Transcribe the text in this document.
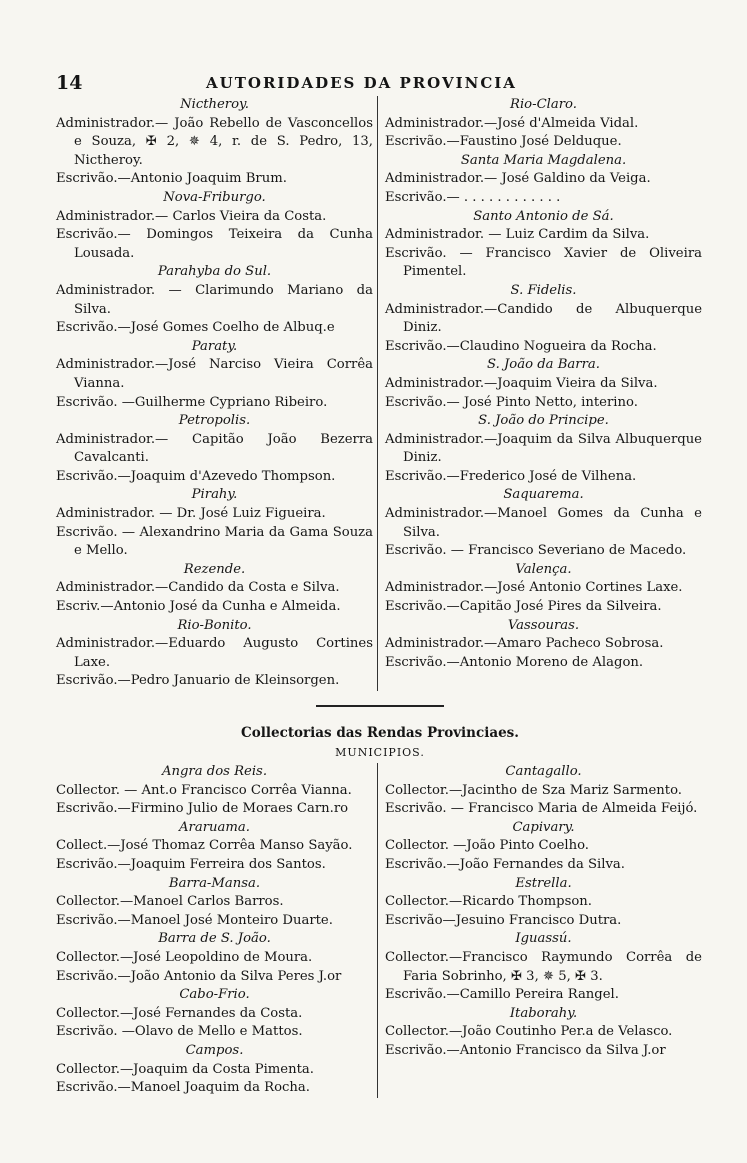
14	AUTORIDADES DA PROVINCIA
Nictheroy.
Administrador.— João Rebello de Vasconcellos e Souza, ✠ 2, ✵ 4, r. de S. Pedro, 13, Nictheroy.
Escrivão.—Antonio Joaquim Brum.
Nova-Friburgo.
Administrador.— Carlos Vieira da Costa.
Escrivão.— Domingos Teixeira da Cunha Lousada.
Parahyba do Sul.
Administrador. — Clarimundo Mariano da Silva.
Escrivão.—José Gomes Coelho de Albuq.e
Paraty.
Administrador.—José Narciso Vieira Corrêa Vianna.
Escrivão. —Guilherme Cypriano Ribeiro.
Petropolis.
Administrador.— Capitão João Bezerra Cavalcanti.
Escrivão.—Joaquim d'Azevedo Thompson.
Pirahy.
Administrador. — Dr. José Luiz Figueira.
Escrivão. — Alexandrino Maria da Gama Souza e Mello.
Rezende.
Administrador.—Candido da Costa e Silva.
Escriv.—Antonio José da Cunha e Almeida.
Rio-Bonito.
Administrador.—Eduardo Augusto Cortines Laxe.
Escrivão.—Pedro Januario de Kleinsorgen.
Rio-Claro.
Administrador.—José d'Almeida Vidal.
Escrivão.—Faustino José Delduque.
Santa Maria Magdalena.
Administrador.— José Galdino da Veiga.
Escrivão.— . . . . . . . . . . . .
Santo Antonio de Sá.
Administrador. — Luiz Cardim da Silva.
Escrivão. — Francisco Xavier de Oliveira Pimentel.
S. Fidelis.
Administrador.—Candido de Albuquerque Diniz.
Escrivão.—Claudino Nogueira da Rocha.
S. João da Barra.
Administrador.—Joaquim Vieira da Silva.
Escrivão.— José Pinto Netto, interino.
S. João do Principe.
Administrador.—Joaquim da Silva Albuquerque Diniz.
Escrivão.—Frederico José de Vilhena.
Saquarema.
Administrador.—Manoel Gomes da Cunha e Silva.
Escrivão. — Francisco Severiano de Macedo.
Valença.
Administrador.—José Antonio Cortines Laxe.
Escrivão.—Capitão José Pires da Silveira.
Vassouras.
Administrador.—Amaro Pacheco Sobrosa.
Escrivão.—Antonio Moreno de Alagon.
Collectorias das Rendas Provinciaes.
MUNICIPIOS.
Angra dos Reis.
Collector. — Ant.o Francisco Corrêa Vianna.
Escrivão.—Firmino Julio de Moraes Carn.ro
Araruama.
Collect.—José Thomaz Corrêa Manso Sayão.
Escrivão.—Joaquim Ferreira dos Santos.
Barra-Mansa.
Collector.—Manoel Carlos Barros.
Escrivão.—Manoel José Monteiro Duarte.
Barra de S. João.
Collector.—José Leopoldino de Moura.
Escrivão.—João Antonio da Silva Peres J.or
Cabo-Frio.
Collector.—José Fernandes da Costa.
Escrivão. —Olavo de Mello e Mattos.
Campos.
Collector.—Joaquim da Costa Pimenta.
Escrivão.—Manoel Joaquim da Rocha.
Cantagallo.
Collector.—Jacintho de Sza Mariz Sarmento.
Escrivão. — Francisco Maria de Almeida Feijó.
Capivary.
Collector. —João Pinto Coelho.
Escrivão.—João Fernandes da Silva.
Estrella.
Collector.—Ricardo Thompson.
Escrivão—Jesuino Francisco Dutra.
Iguassú.
Collector.—Francisco Raymundo Corrêa de Faria Sobrinho, ✠ 3, ✵ 5, ✠ 3.
Escrivão.—Camillo Pereira Rangel.
Itaborahy.
Collector.—João Coutinho Per.a de Velasco.
Escrivão.—Antonio Francisco da Silva J.or
